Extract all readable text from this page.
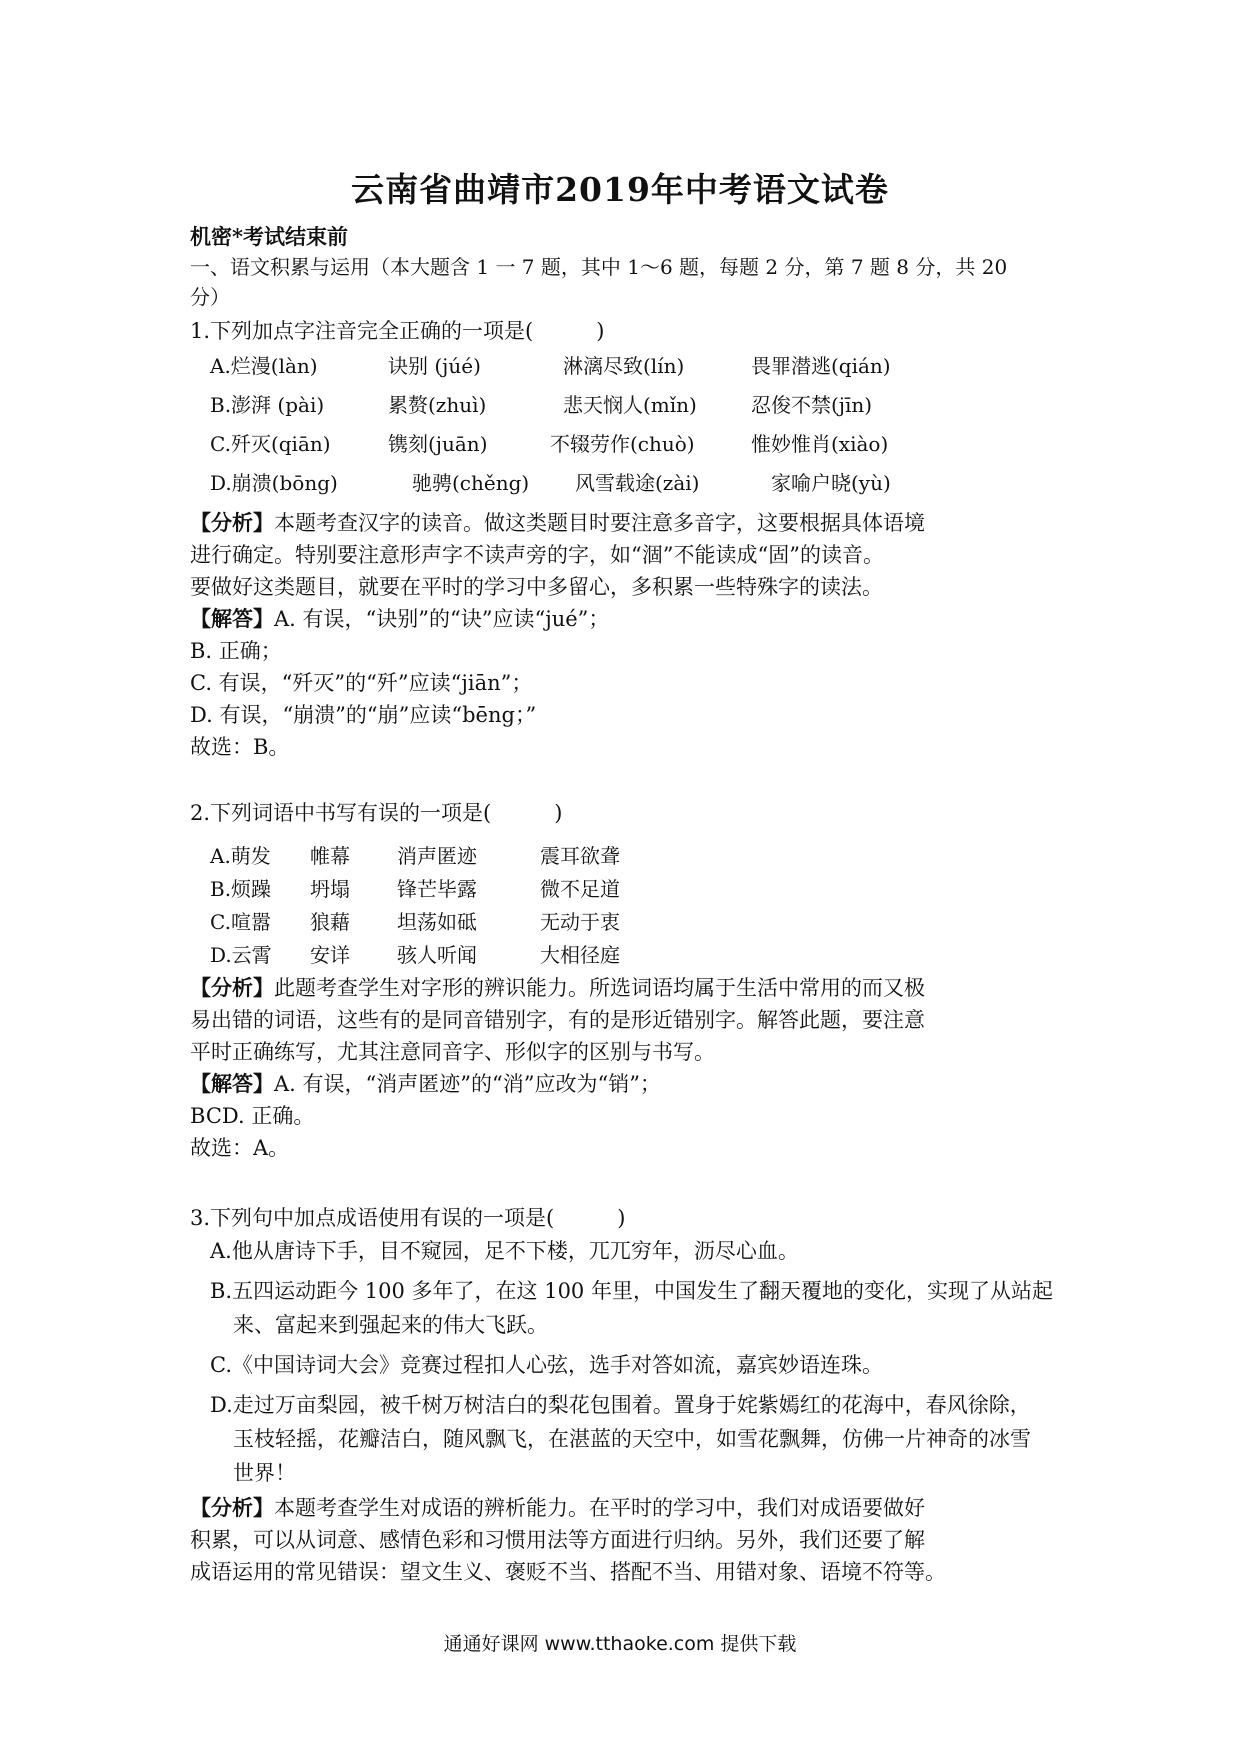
云南省曲靖市2019年中考语文试卷
机密*考试结束前
一、语文积累与运用（本大题含 1 一 7 题，其中 1～6 题，每题 2 分，第 7 题 8 分，共 20
分）
1.下列加点字注音完全正确的一项是(　　　)
A.烂漫(làn)	诀别 (júé)	淋漓尽致(lín)	畏罪潜逃(qián)
B.澎湃 (pài)	累赘(zhuì)	悲天悯人(mǐn)	忍俊不禁(jīn)
C.歼灭(qiān)	镌刻(juān)	不辍劳作(chuò)	惟妙惟肖(xiào)
D.崩溃(bōng)	驰骋(chěng) 风雪载途(zài)	家喻户晓(yù)
【分析】本题考查汉字的读音。做这类题目时要注意多音字，这要根据具体语境
进行确定。特别要注意形声字不读声旁的字，如“涸”不能读成“固”的读音。
要做好这类题目，就要在平时的学习中多留心，多积累一些特殊字的读法。
【解答】A. 有误，“诀别”的“诀”应读“jué”；
B. 正确；
C. 有误，“歼灭”的“歼”应读“jiān”；
D. 有误，“崩溃”的“崩”应读“bēng；”
故选：B。
2.下列词语中书写有误的一项是(　　　)
A.萌发 帷幕 消声匿迹	震耳欲聋
B.烦躁 坍塌 锋芒毕露	微不足道
C.喧嚣 狼藉 坦荡如砥	无动于衷
D.云霄 安详 骇人听闻	大相径庭
【分析】此题考查学生对字形的辨识能力。所选词语均属于生活中常用的而又极
易出错的词语，这些有的是同音错别字，有的是形近错别字。解答此题，要注意
平时正确练写，尤其注意同音字、形似字的区别与书写。
【解答】A. 有误，“消声匿迹”的“消”应改为“销”；
BCD. 正确。
故选：A。
3.下列句中加点成语使用有误的一项是(　　　)
A.他从唐诗下手，目不窥园，足不下楼，兀兀穷年，沥尽心血。
B.五四运动距今 100 多年了，在这 100 年里，中国发生了翻天覆地的变化，实现了从站起
来、富起来到强起来的伟大飞跃。
C.《中国诗词大会》竞赛过程扣人心弦，选手对答如流，嘉宾妙语连珠。
D.走过万亩梨园，被千树万树洁白的梨花包围着。置身于姹紫嫣红的花海中，春风徐除，
玉枝轻摇，花瓣洁白，随风飘飞，在湛蓝的天空中，如雪花飘舞，仿佛一片神奇的冰雪
世界！
【分析】本题考查学生对成语的辨析能力。在平时的学习中，我们对成语要做好
积累，可以从词意、感情色彩和习惯用法等方面进行归纳。另外，我们还要了解
成语运用的常见错误：望文生义、褒贬不当、搭配不当、用错对象、语境不符等。
通通好课网 www.tthaoke.com 提供下载
